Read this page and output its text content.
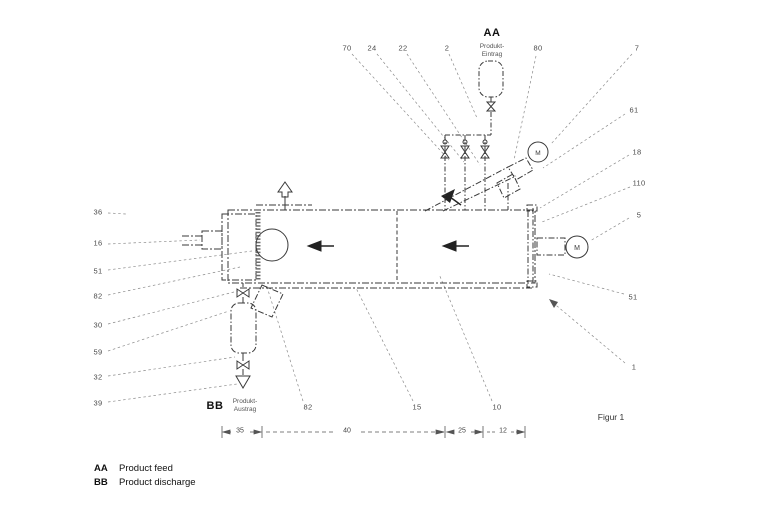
M
M
70 24	22	2	80	7
61
18
110
5
51
1
36
16
51
82
30
59
32
39	82	15	10
35	40	25	12
AA
Produkt-
Eintrag
BB	Produkt-
Austrag
Figur 1
AA	Product feed
BB	Product discharge
